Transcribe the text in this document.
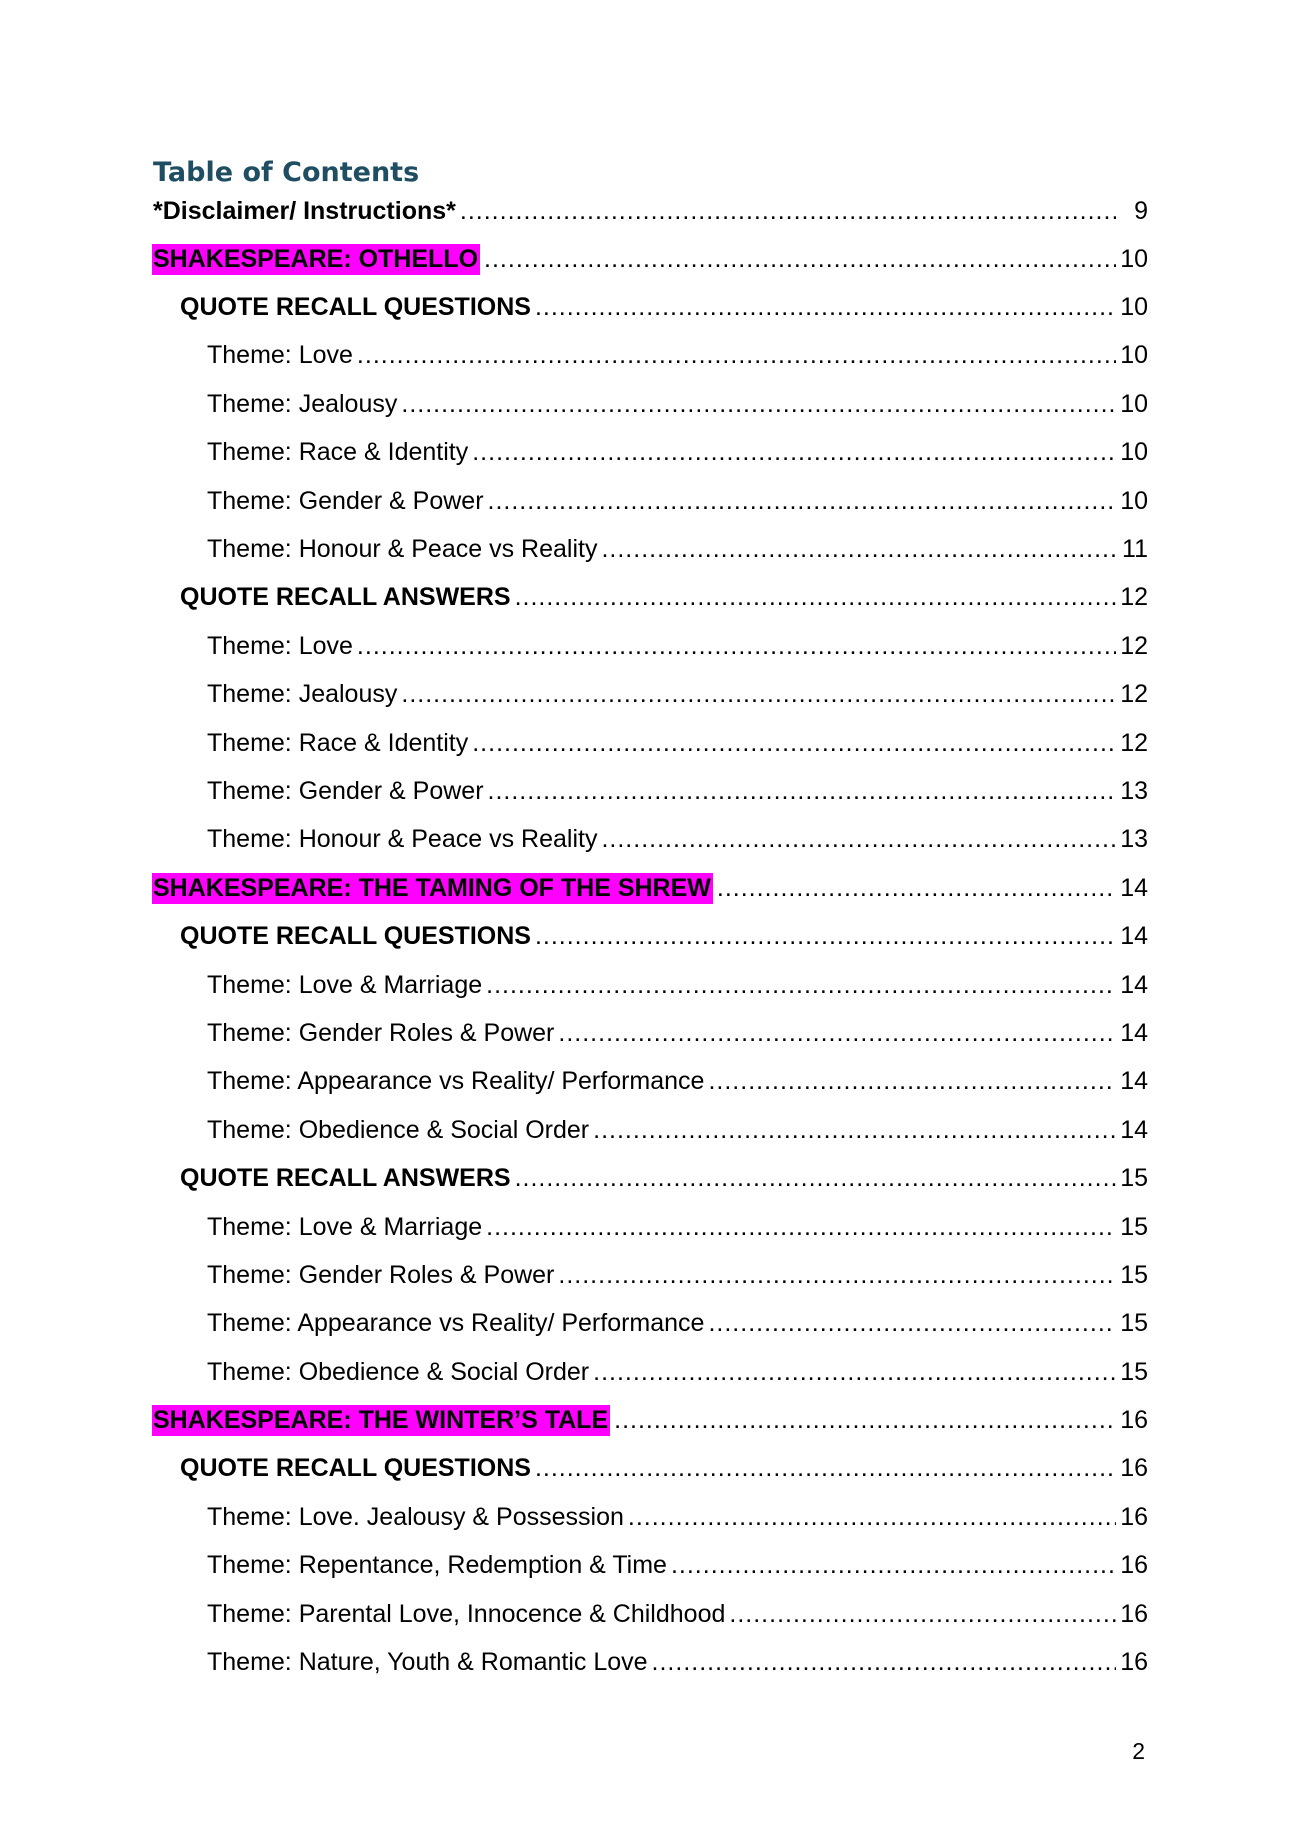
Table of Contents
*Disclaimer/ Instructions* .....	9
SHAKESPEARE: OTHELLO .....	10
QUOTE RECALL QUESTIONS .....	10
Theme: Love .....	10
Theme: Jealousy .....	10
Theme: Race & Identity .....	10
Theme: Gender & Power .....	10
Theme: Honour & Peace vs Reality .....	11
QUOTE RECALL ANSWERS .....	12
Theme: Love .....	12
Theme: Jealousy .....	12
Theme: Race & Identity .....	12
Theme: Gender & Power .....	13
Theme: Honour & Peace vs Reality .....	13
SHAKESPEARE: THE TAMING OF THE SHREW .....	14
QUOTE RECALL QUESTIONS .....	14
Theme: Love & Marriage .....	14
Theme: Gender Roles & Power .....	14
Theme: Appearance vs Reality/ Performance .....	14
Theme: Obedience & Social Order .....	14
QUOTE RECALL ANSWERS .....	15
Theme: Love & Marriage .....	15
Theme: Gender Roles & Power .....	15
Theme: Appearance vs Reality/ Performance .....	15
Theme: Obedience & Social Order .....	15
SHAKESPEARE: THE WINTER’S TALE .....	16
QUOTE RECALL QUESTIONS .....	16
Theme: Love. Jealousy & Possession .....	16
Theme: Repentance, Redemption & Time .....	16
Theme: Parental Love, Innocence & Childhood .....	16
Theme: Nature, Youth & Romantic Love .....	16
2
